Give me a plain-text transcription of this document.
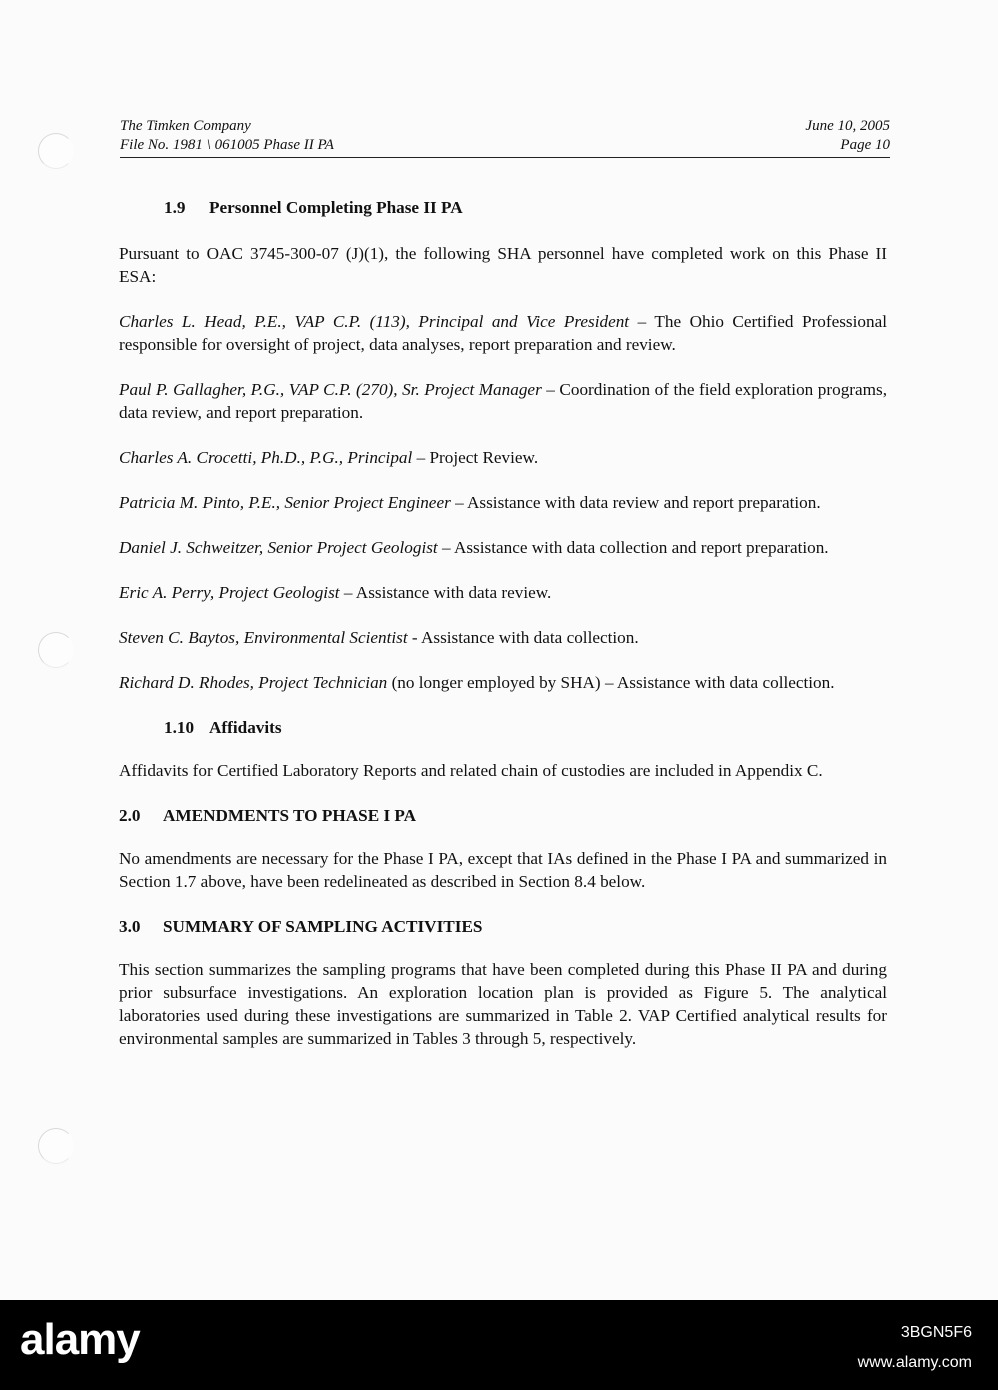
The Timken Company
File No. 1981 \ 061005 Phase II PA
June 10, 2005
Page 10
1.9 Personnel Completing Phase II PA

Pursuant to OAC 3745-300-07 (J)(1), the following SHA personnel have completed work on this Phase II ESA:

Charles L. Head, P.E., VAP C.P. (113), Principal and Vice President – The Ohio Certified Professional responsible for oversight of project, data analyses, report preparation and review.

Paul P. Gallagher, P.G., VAP C.P. (270), Sr. Project Manager – Coordination of the field exploration programs, data review, and report preparation.

Charles A. Crocetti, Ph.D., P.G., Principal – Project Review.

Patricia M. Pinto, P.E., Senior Project Engineer – Assistance with data review and report preparation.

Daniel J. Schweitzer, Senior Project Geologist – Assistance with data collection and report preparation.

Eric A. Perry, Project Geologist – Assistance with data review.

Steven C. Baytos, Environmental Scientist - Assistance with data collection.

Richard D. Rhodes, Project Technician (no longer employed by SHA) – Assistance with data collection.

1.10 Affidavits

Affidavits for Certified Laboratory Reports and related chain of custodies are included in Appendix C.

2.0 AMENDMENTS TO PHASE I PA

No amendments are necessary for the Phase I PA, except that IAs defined in the Phase I PA and summarized in Section 1.7 above, have been redelineated as described in Section 8.4 below.

3.0 SUMMARY OF SAMPLING ACTIVITIES

This section summarizes the sampling programs that have been completed during this Phase II PA and during prior subsurface investigations. An exploration location plan is provided as Figure 5. The analytical laboratories used during these investigations are summarized in Table 2. VAP Certified analytical results for environmental samples are summarized in Tables 3 through 5, respectively.

alamy	3BGN5F6
www.alamy.com
